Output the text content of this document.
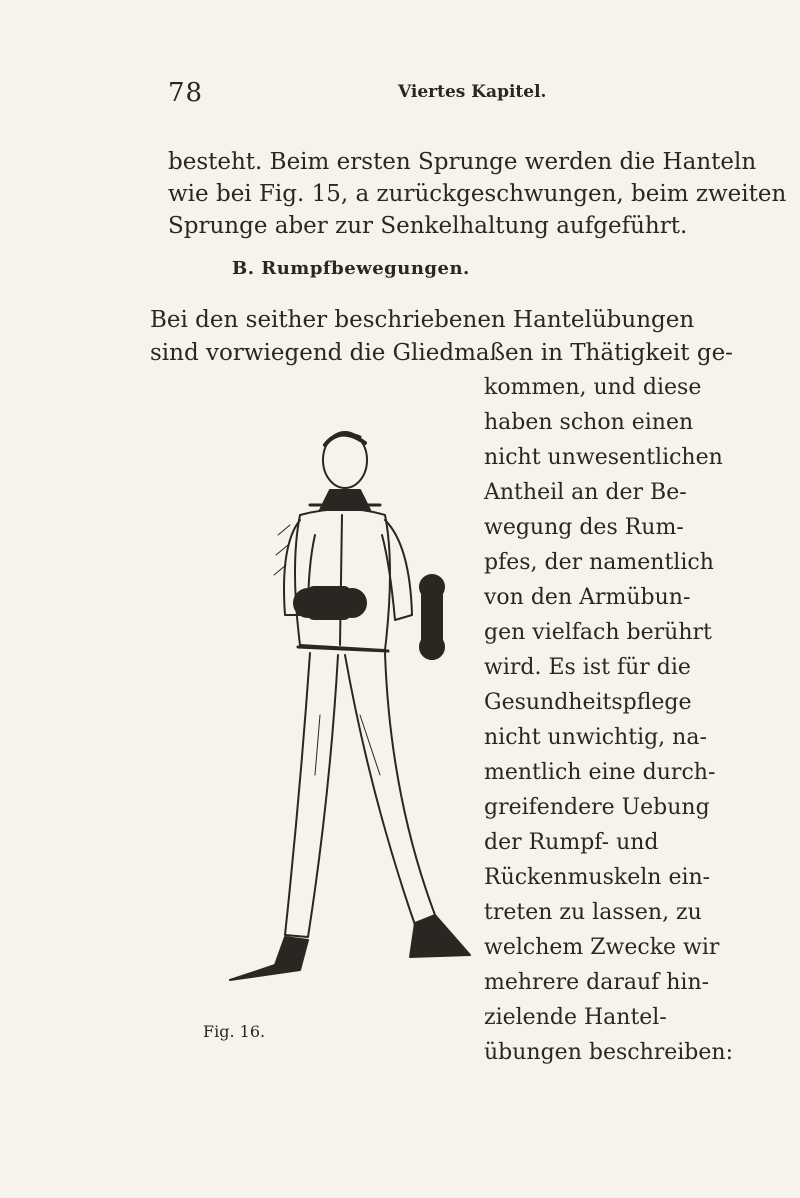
78	Viertes Kapitel.
besteht. Beim ersten Sprunge werden die Hanteln
wie bei Fig. 15, a zurückgeschwungen, beim zweiten
Sprunge aber zur Senkelhaltung aufgeführt.
B. Rumpfbewegungen.
Bei den seither beschriebenen Hantelübungen
sind vorwiegend die Gliedmaßen in Thätigkeit ge-
kommen, und diese
haben schon einen
nicht unwesentlichen
Antheil an der Be-
wegung des Rum-
pfes, der namentlich
von den Armübun-
gen vielfach berührt
wird. Es ist für die
Gesundheitspflege
nicht unwichtig, na-
mentlich eine durch-
greifendere Uebung
der Rumpf- und
Rückenmuskeln ein-
treten zu lassen, zu
welchem Zwecke wir
mehrere darauf hin-
zielende Hantel-
übungen beschreiben:
Fig. 16.
